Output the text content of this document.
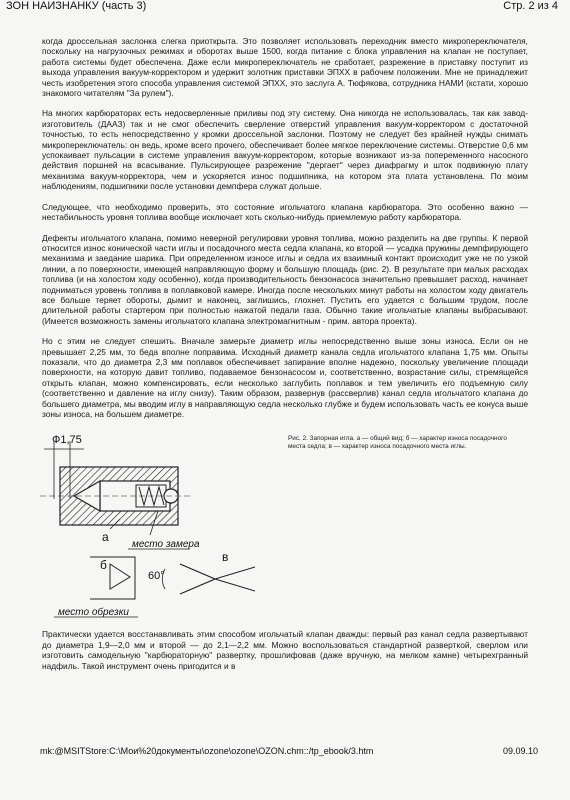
ЗОН НАИЗНАНКУ (часть 3)	Стр. 2 из 4

когда дроссельная заслонка слегка приоткрыта. Это позволяет использовать переходник вместо микропереключателя, поскольку на нагрузочных режимах и оборотах выше 1500, когда питание с блока управления на клапан не поступает, работа системы будет обеспечена. Даже если микропереключатель не сработает, разрежение в приставку поступит из выхода управления вакуум-корректором и удержит золотник приставки ЭПХХ в рабочем положении. Мне не принадлежит честь изобретения этого способа управления системой ЭПХХ, это заслуга А. Тюфякова, сотрудника НАМИ (кстати, хорошо знакомого читателям "За рулем").

На многих карбюраторах есть недосверленные приливы под эту систему. Она никогда не использовалась, так как завод-изготовитель (ДААЗ) так и не смог обеспечить сверление отверстий управления вакуум-корректором с достаточной точностью, то есть непосредственно у кромки дроссельной заслонки. Поэтому не следует без крайней нужды снимать микропереключатель: он ведь, кроме всего прочего, обеспечивает более мягкое переключение системы. Отверстие 0,6 мм успокаивает пульсации в системе управления вакуум-корректором, которые возникают из-за попеременного насосного действия поршней на всасывание. Пульсирующее разрежение "дергает" через диафрагму и шток подвижную плату механизма вакуум-корректора, чем и ускоряется износ подшипника, на котором эта плата установлена. По моим наблюдениям, подшипники после установки демпфера служат дольше.

Следующее, что необходимо проверить, это состояние игольчатого клапана карбюратора. Это особенно важно — нестабильность уровня топлива вообще исключает хоть сколько-нибудь приемлемую работу карбюратора.

Дефекты игольчатого клапана, помимо неверной регулировки уровня топлива, можно разделить на две группы. К первой относится износ конической части иглы и посадочного места седла клапана, ко второй — усадка пружины демпфирующего механизма и заедание шарика. При определенном износе иглы и седла их взаимный контакт происходит уже не по узкой линии, а по поверхности, имеющей направляющую форму и большую площадь (рис. 2). В результате при малых расходах топлива (и на холостом ходу особенно), когда производительность бензонасоса значительно превышает расход, начинает подниматься уровень топлива в поплавковой камере. Иногда после нескольких минут работы на холостом ходу двигатель все больше теряет обороты, дымит и наконец, заглишись, глохнет. Пустить его удается с большим трудом, после длительной работы стартером при полностью нажатой педали газа. Обычно такие игольчатые клапаны выбрасывают. (Имеется возможность замены игольчатого клапана электромагнитным - прим. автора проекта).

Но с этим не следует спешить. Вначале замерьте диаметр иглы непосредственно выше зоны износа. Если он не превышает 2,25 мм, то беда вполне поправима. Исходный диаметр канала седла игольчатого клапана 1,75 мм. Опыты показали, что до диаметра 2,3 мм поплавок обеспечивает запирание вполне надежно, поскольку увеличение площади поверхности, на которую давит топливо, подаваемое бензонасосом и, соответственно, возрастание силы, стремящейся открыть клапан, можно компенсировать, если несколько заглубить поплавок и тем увеличить его подъемную силу (соответственно и давление на иглу снизу). Таким образом, развернув (рассверлив) канал седла игольчатого клапана до большего диаметра, мы вводим иглу в направляющую седла несколько глубже и будем использовать часть ее конуса выше зоны износа, на большем диаметре.

Ф1,75
а
место замера
б
60°
в
место обрезки
Рис. 2. Запорная игла. а — общий вид; б — характер износа посадочного места седла; в — характер износа посадочного места иглы.

Практически удается восстанавливать этим способом игольчатый клапан дважды: первый раз канал седла развертывают до диаметра 1,9—2,0 мм и второй — до 2,1—2,2 мм. Можно воспользоваться стандартной разверткой, сверлом или изготовить самодельную "карбюраторную" развертку, прошлифовав (даже вручную, на мелком камне) четырехгранный надфиль. Такой инструмент очень пригодится и в

mk:@MSITStore:C:\Мои%20документы\ozone\ozone\OZON.chm::/tp_ebook/3.htm	09.09.10
